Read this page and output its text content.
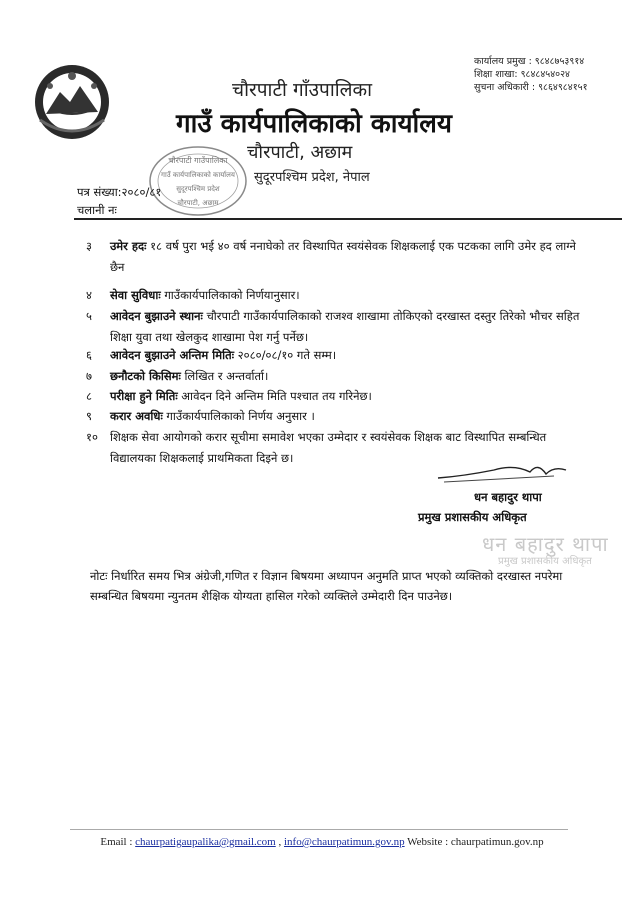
चौरपाटी गाँउपालिका
गाउँ कार्यपालिकाको कार्यालय
चौरपाटी, अछाम
सुदूरपश्चिम प्रदेश, नेपाल
कार्यालय प्रमुख : ९८४८७५३९१४
शिक्षा शाखा: ९८४८४५४०२४
सुचना अधिकारी : ९८६४९८४१५१
चौरपाटी गाउँपालिका
गाउँ कार्यपालिकाको कार्यालय
सुदूरपश्चिम प्रदेश
चौरपाटी, अछाम
पत्र संख्या:२०८०/८१
चलानी नः
३ उमेर हदः १८ वर्ष पुरा भई ४० वर्ष ननाघेको तर विस्थापित स्वयंसेवक शिक्षकलाई एक पटकका लागि उमेर हद लाग्ने छैन
४ सेवा सुविधाः गाउँकार्यपालिकाको निर्णयानुसार।
५ आवेदन बुझाउने स्थानः चौरपाटी गाउँकार्यपालिकाको राजश्व शाखामा तोकिएको दरखास्त दस्तुर तिरेको भौचर सहित शिक्षा युवा तथा खेलकुद शाखामा पेश गर्नु पर्नेछ।
६ आवेदन बुझाउने अन्तिम मितिः २०८०/०८/१० गते सम्म।
७ छनौटको किसिमः लिखित र अन्तर्वार्ता।
८ परीक्षा हुने मितिः आवेदन दिने अन्तिम मिति पश्चात तय गरिनेछ।
९ करार अवधिः गाउँकार्यपालिकाको निर्णय अनुसार ।
१० शिक्षक सेवा आयोगको करार सूचीमा समावेश भएका उम्मेदार र स्वयंसेवक शिक्षक बाट विस्थापित सम्बन्धित विद्यालयका शिक्षकलाई प्राथमिकता दिइने छ।
धन बहादुर थापा
प्रमुख प्रशासकीय अधिकृत
धन बहादुर थापा
प्रमुख प्रशासकीय अधिकृत
नोटः निर्धारित समय भित्र अंग्रेजी,गणित र विज्ञान बिषयमा अध्यापन अनुमति प्राप्त भएको व्यक्तिको दरखास्त नपरेमा सम्बन्धित बिषयमा न्युनतम शैक्षिक योग्यता हासिल गरेको व्यक्तिले उम्मेदारी दिन पाउनेछ।
Email : chaurpatigaupalika@gmail.com , info@chaurpatimun.gov.np Website : chaurpatimun.gov.np
